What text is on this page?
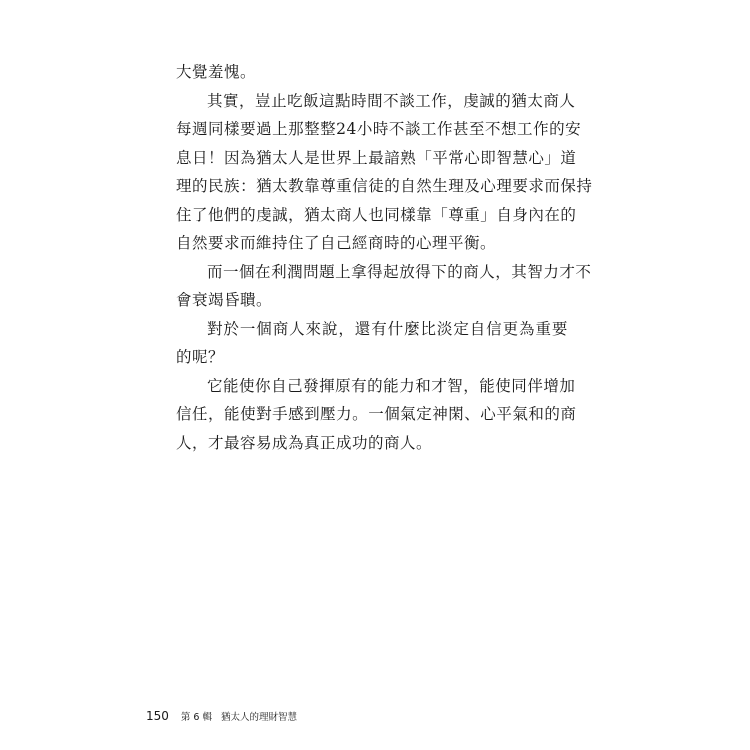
大覺羞愧。
其 實 ， 豈 止 吃 飯 這 點 時 間 不 談 工 作 ， 虔 誠 的 猶 太 商 人
每 週 同 樣 要 過 上 那 整 整 24 小 時 不 談 工 作 甚 至 不 想 工 作 的 安
息 日 ！ 因 為 猶 太 人 是 世 界 上 最 諳 熟 「 平 常 心 即 智 慧 心 」 道
理 的 民 族 ： 猶 太 教 靠 尊 重 信 徒 的 自 然 生 理 及 心 理 要 求 而 保 持
住 了 他 們 的 虔 誠 ， 猶 太 商 人 也 同 樣 靠 「 尊 重 」 自 身 內 在 的
自然要求而維持住了自己經商時的心理平衡。
而 一 個 在 利 潤 問 題 上 拿 得 起 放 得 下 的 商 人 ， 其 智 力 才 不
會衰竭昏聵。
對 於 一 個 商 人 來 說 ， 還 有 什 麼 比 淡 定 自 信 更 為 重 要
的呢？
它 能 使 你 自 己 發 揮 原 有 的 能 力 和 才 智 ， 能 使 同 伴 增 加
信 任 ， 能 使 對 手 感 到 壓 力 。 一 個 氣 定 神 閑 、 心 平 氣 和 的 商
人，才最容易成為真正成功的商人。
150 第 6 輯 猶太人的理財智慧
